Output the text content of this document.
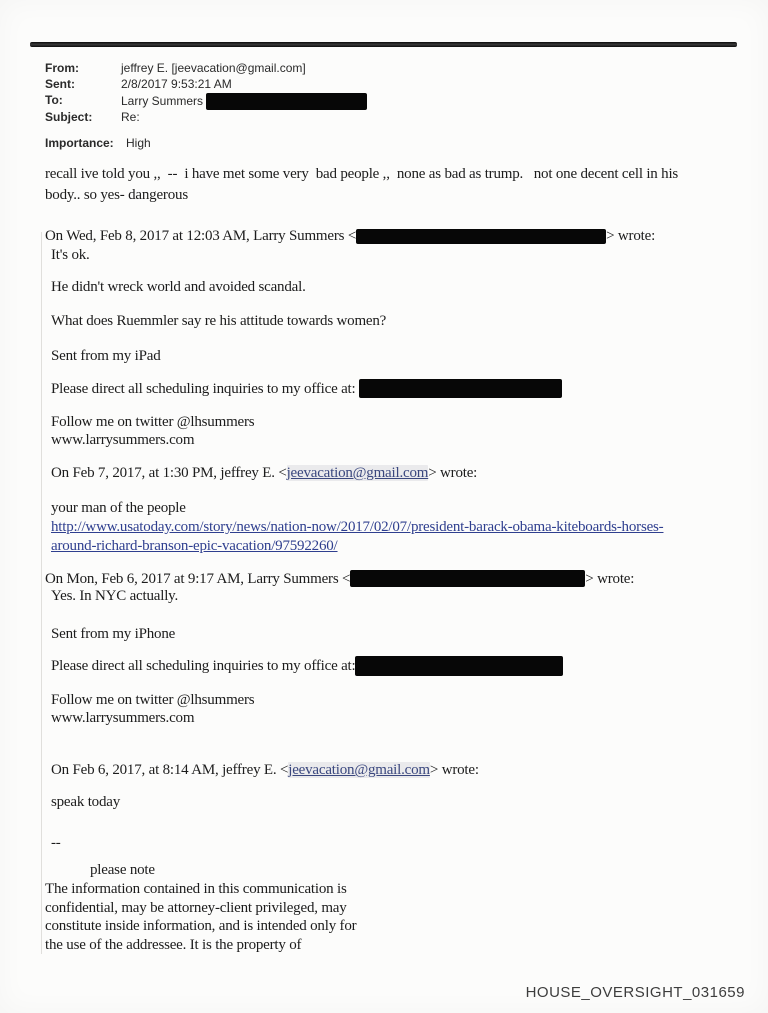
From:	jeffrey E. [jeevacation@gmail.com]
Sent:	2/8/2017 9:53:21 AM
To:	Larry Summers
Subject: Re:
Importance: High
recall ive told you ,,  --  i have met some very  bad people ,,  none as bad as trump.   not one decent cell in his
body.. so yes- dangerous
On Wed, Feb 8, 2017 at 12:03 AM, Larry Summers <	> wrote:
It's ok.
He didn't wreck world and avoided scandal.
What does Ruemmler say re his attitude towards women?
Sent from my iPad
Please direct all scheduling inquiries to my office at:
Follow me on twitter @lhsummers
www.larrysummers.com
On Feb 7, 2017, at 1:30 PM, jeffrey E. <jeevacation@gmail.com> wrote:
your man of the people
http://www.usatoday.com/story/news/nation-now/2017/02/07/president-barack-obama-kiteboards-horses-
around-richard-branson-epic-vacation/97592260/
On Mon, Feb 6, 2017 at 9:17 AM, Larry Summers <	> wrote:
Yes. In NYC actually.
Sent from my iPhone
Please direct all scheduling inquiries to my office at:
Follow me on twitter @lhsummers
www.larrysummers.com
On Feb 6, 2017, at 8:14 AM, jeffrey E. <jeevacation@gmail.com> wrote:
speak today
--
please note
The information contained in this communication is
confidential, may be attorney-client privileged, may
constitute inside information, and is intended only for
the use of the addressee. It is the property of
HOUSE_OVERSIGHT_031659
